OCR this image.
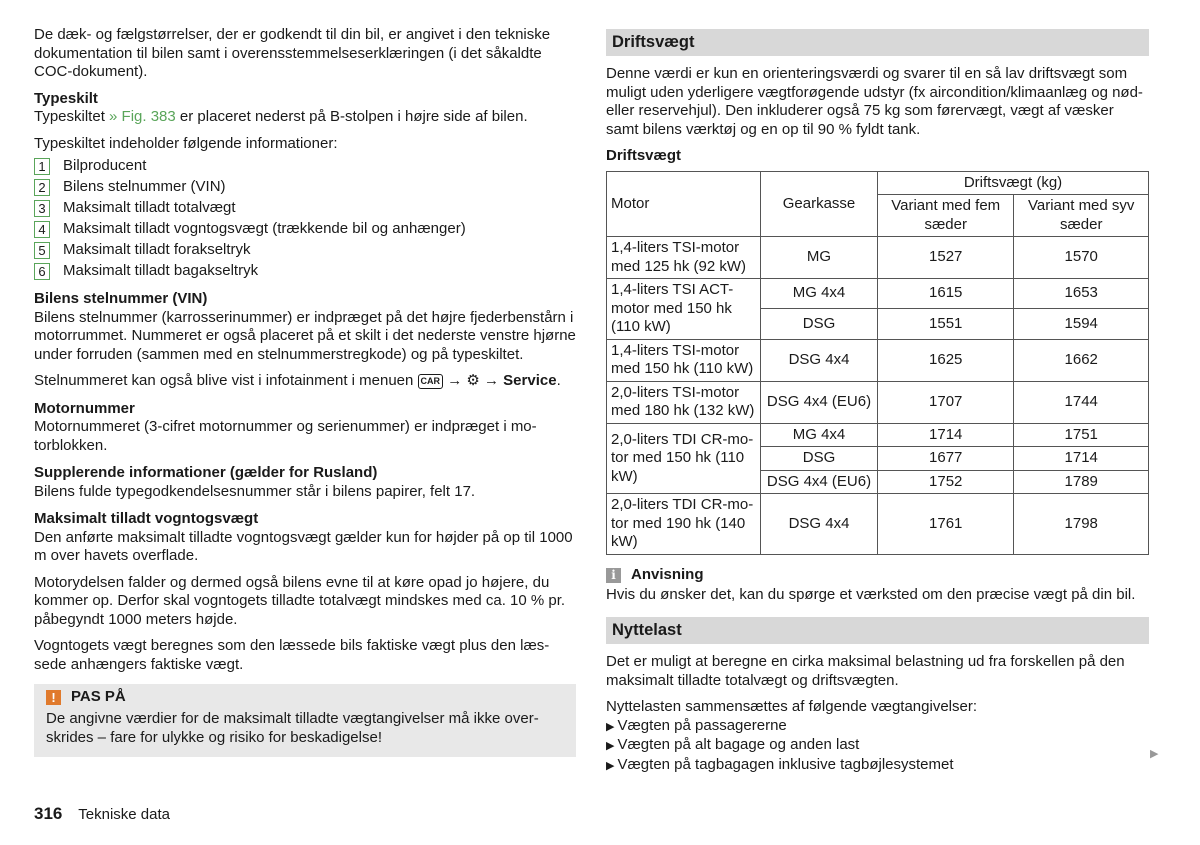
De dæk- og fælgstørrelser, der er godkendt til din bil, er angivet i den tekniske dokumentation til bilen samt i overensstemmelseserklæringen (i det såkaldte COC-dokument).

Typeskilt

Typeskiltet » Fig. 383 er placeret nederst på B-stolpen i højre side af bilen.

Typeskiltet indeholder følgende informationer:
1 Bilproducent
2 Bilens stelnummer (VIN)
3 Maksimalt tilladt totalvægt
4 Maksimalt tilladt vogntogsvægt (trækkende bil og anhænger)
5 Maksimalt tilladt forakseltryk
6 Maksimalt tilladt bagakseltryk
Bilens stelnummer (VIN)

Bilens stelnummer (karrosserinummer) er indpræget på det højre fjederbenstårn i motorrummet. Nummeret er også placeret på et skilt i det nederste venstre hjørne under forruden (sammen med en stelnummerstregkode) og på typeskiltet.

Stelnummeret kan også blive vist i infotainment i menuen CAR → ⚙ → Service.

Motornummer

Motornummeret (3-cifret motornummer og serienummer) er indpræget i motorblokken.

Supplerende informationer (gælder for Rusland)

Bilens fulde typegodkendelsesnummer står i bilens papirer, felt 17.

Maksimalt tilladt vogntogsvægt

Den anførte maksimalt tilladte vogntogsvægt gælder kun for højder på op til 1000 m over havets overflade.

Motorydelsen falder og dermed også bilens evne til at køre opad jo højere, du kommer op. Derfor skal vogntogets tilladte totalvægt mindskes med ca. 10 % pr. påbegyndt 1000 meters højde.

Vogntogets vægt beregnes som den læssede bils faktiske vægt plus den læssede anhængers faktiske vægt.

!	PAS PÅ
De angivne værdier for de maksimalt tilladte vægtangivelser må ikke overskrides – fare for ulykke og risiko for beskadigelse!
Driftsvægt

Denne værdi er kun en orienteringsværdi og svarer til en så lav driftsvægt som muligt uden yderligere vægtforøgende udstyr (fx aircondition/klimaanlæg og nød- eller reservehjul). Den inkluderer også 75 kg som førervægt, vægt af væsker samt bilens værktøj og en op til 90 % fyldt tank.

Driftsvægt
Motor	Gearkasse	Driftsvægt (kg)	
		Variant med fem sæder	Variant med syv sæder
1,4-liters TSI-motor med 125 hk (92 kW)	MG	1527	1570
1,4-liters TSI ACT-motor med 150 hk (110 kW)	MG 4x4	1615	1653
	DSG	1551	1594
1,4-liters TSI-motor med 150 hk (110 kW)	DSG 4x4	1625	1662
2,0-liters TSI-motor med 180 hk (132 kW)	DSG 4x4 (EU6)	1707	1744
2,0-liters TDI CR-motor med 150 hk (110 kW)	MG 4x4	1714	1751
	DSG	1677	1714
	DSG 4x4 (EU6)	1752	1789
2,0-liters TDI CR-motor med 190 hk (140 kW)	DSG 4x4	1761	1798
i	Anvisning

Hvis du ønsker det, kan du spørge et værksted om den præcise vægt på din bil.

Nyttelast

Det er muligt at beregne en cirka maksimal belastning ud fra forskellen på den maksimalt tilladte totalvægt og driftsvægten.

Nyttelasten sammensættes af følgende vægtangivelser:
▶ Vægten på passagererne
▶ Vægten på alt bagage og anden last
▶ Vægten på tagbagagen inklusive tagbøjlesystemet
▶
316 Tekniske data
